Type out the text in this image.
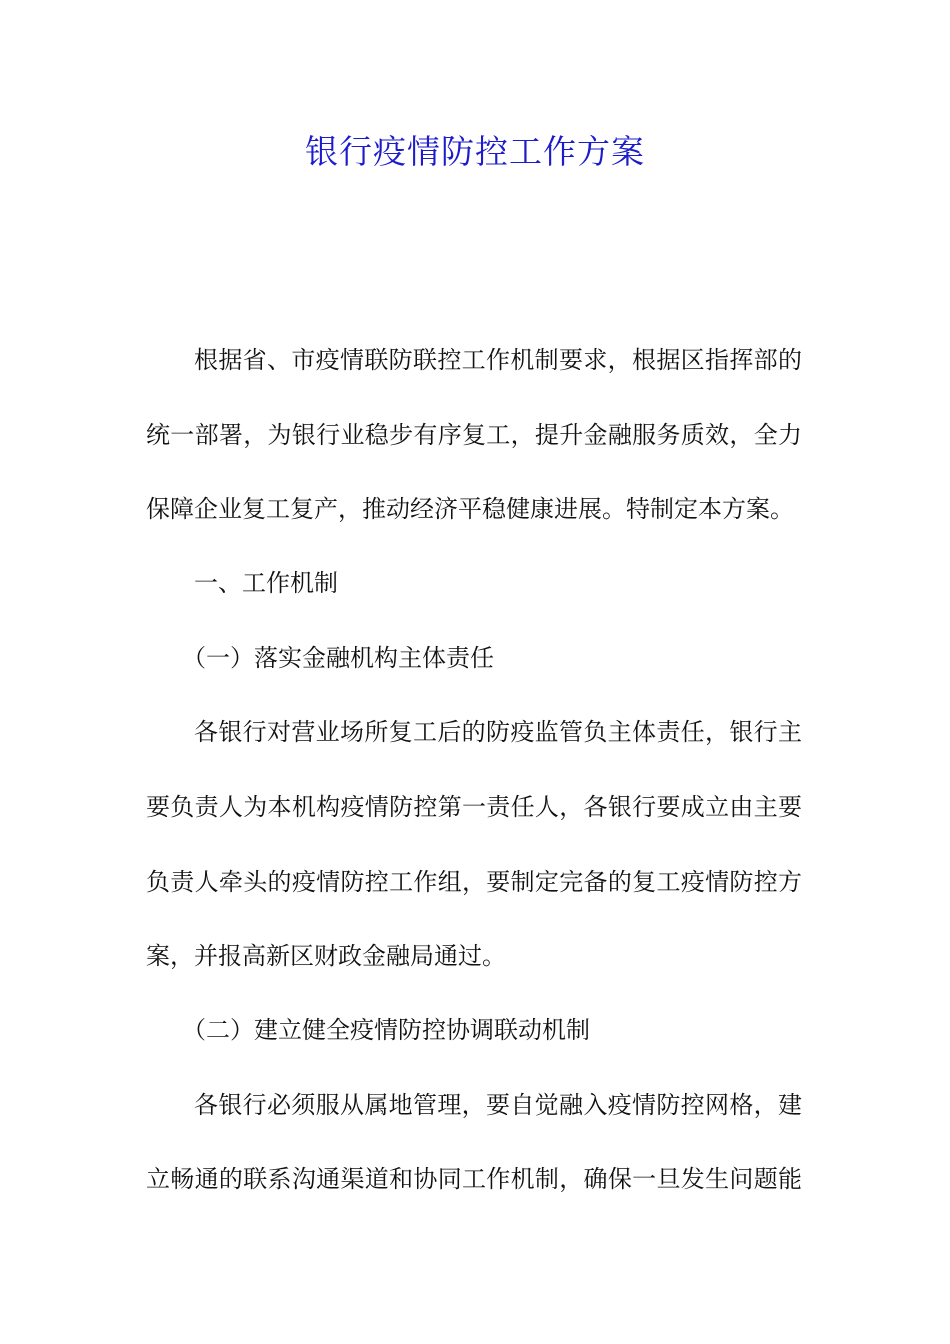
银行疫情防控工作方案
根据省、市疫情联防联控工作机制要求，根据区指挥部的
统一部署，为银行业稳步有序复工，提升金融服务质效，全力
保障企业复工复产，推动经济平稳健康进展。特制定本方案。
一、工作机制
（一）落实金融机构主体责任
各银行对营业场所复工后的防疫监管负主体责任，银行主
要负责人为本机构疫情防控第一责任人，各银行要成立由主要
负责人牵头的疫情防控工作组，要制定完备的复工疫情防控方
案，并报高新区财政金融局通过。
（二）建立健全疫情防控协调联动机制
各银行必须服从属地管理，要自觉融入疫情防控网格，建
立畅通的联系沟通渠道和协同工作机制，确保一旦发生问题能
